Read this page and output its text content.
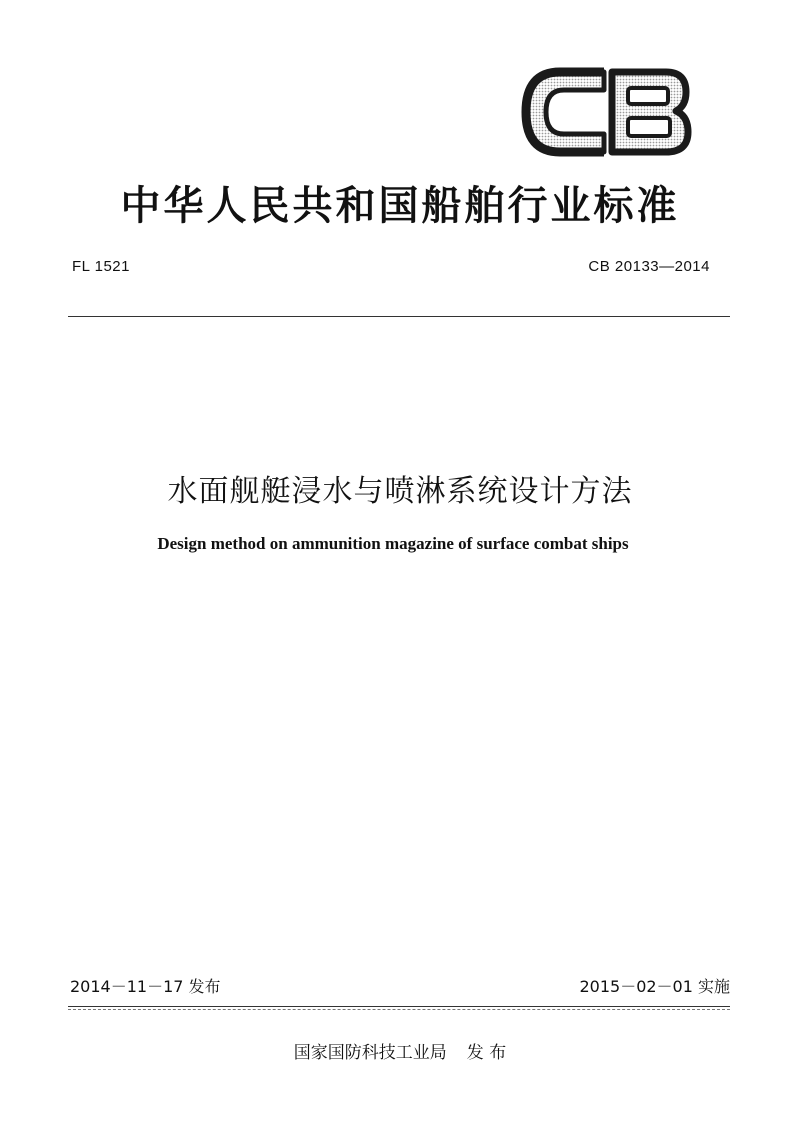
中华人民共和国船舶行业标准
FL 1521	CB 20133—2014
水面舰艇浸水与喷淋系统设计方法
Design method on ammunition magazine of surface combat ships
2014－11－17 发布	2015－02－01 实施
国家国防科技工业局 发 布
